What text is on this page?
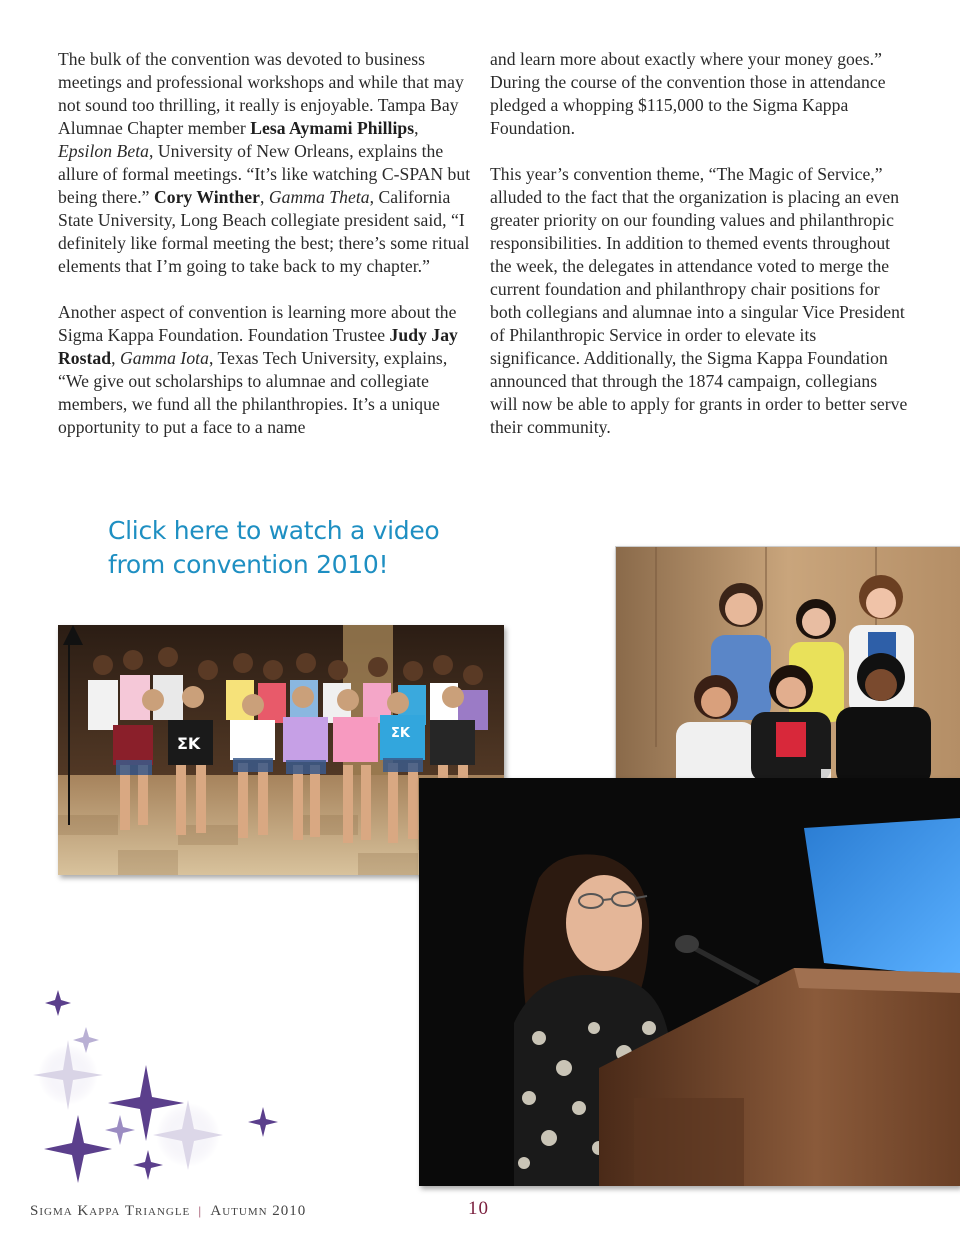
The bulk of the convention was devoted to business meetings and professional workshops and while that may not sound too thrilling, it really is enjoyable. Tampa Bay Alumnae Chapter member Lesa Aymami Phillips, Epsilon Beta, University of New Orleans, explains the allure of formal meetings. “It’s like watching C-SPAN but being there.” Cory Winther, Gamma Theta, California State University, Long Beach collegiate president said, “I definitely like formal meeting the best; there’s some ritual elements that I’m going to take back to my chapter.”

Another aspect of convention is learning more about the Sigma Kappa Foundation. Foundation Trustee Judy Jay Rostad, Gamma Iota, Texas Tech University, explains, “We give out scholarships to alumnae and collegiate members, we fund all the philanthropies. It’s a unique opportunity to put a face to a name

and learn more about exactly where your money goes.” During the course of the convention those in attendance pledged a whopping $115,000 to the Sigma Kappa Foundation.

This year’s convention theme, “The Magic of Service,” alluded to the fact that the organization is placing an even greater priority on our founding values and philanthropic responsibilities. In addition to themed events throughout the week, the delegates in attendance voted to merge the current foundation and philanthropy chair positions for both collegians and alumnae into a singular Vice President of Philanthropic Service in order to elevate its significance. Additionally, the Sigma Kappa Foundation announced that through the 1874 campaign, collegians will now be able to apply for grants in order to better serve their community.

Click here to watch a video
from convention 2010!
ΣΚ
ΣΚ
Sigma Kappa Triangle | Autumn 2010	10
